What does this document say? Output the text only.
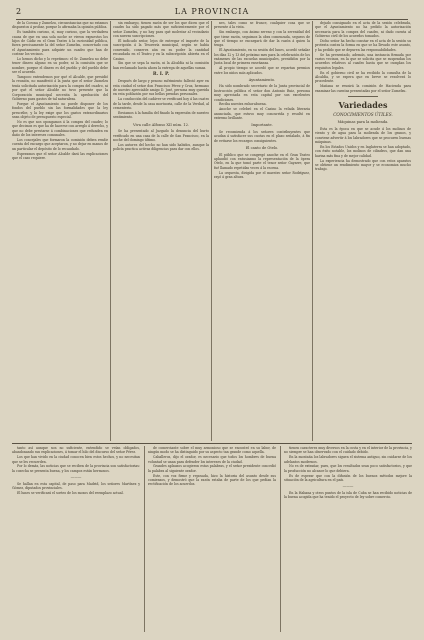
2	LA PROVINCIA

de la Corona y Zumelzu, circunstancias que no estamos dispuestos á probar, porque lo afirmaba la opinión pública.

Es también curioso, sí, muy curioso, que la verdadera causa de que en una sola noche se vieron expuestos los hijos de Cádiz en el Gran Teatro á la curiosidad pública, fuera precisamente la del señor Zumelzu, concertado con el Ayuntamiento para adquirir un cuadro que han de costear los vecinos.

Lo hemos dicho y lo repetimos: el Sr. Zumelzu no debe tener dinero alguno en su poder, ni la comisión que se nombre, porque el dinero es del pueblo y del pueblo debe ser el acuerdo.

Tampoco entendemos por qué el Alcalde, que presidió la reunión, no manifestó á la junta que el señor Zumelzu tenía solicitada autorización para la compra del cuadro, ni por qué el señor Alcalde no tuvo presente que la Corporación municipal necesita la aprobación del Gobierno para gastos de tal naturaleza.

Porque el Ayuntamiento no puede disponer de los fondos del pueblo sin las formalidades que la ley prescribe, y la ley exige que los gastos extraordinarios sean objeto de presupuesto especial.

No es que nos opongamos á la compra del cuadro; lo que decimos es que ha de hacerse con arreglo á derecho, y que no debe prestarse á combinaciones que redunden en daño de los intereses comunales.

Los concejales que formaron la comisión deben rendir cuenta del encargo que aceptaron, y no dejar en manos de un particular el depósito de lo recaudado.

Esperamos que el señor Alcalde dará las explicaciones que el caso requiere.

sin embargo, tienen razón de ser los que dicen que el cuadro ha sido pagado más que suficientemente por el señor Zumelzu, y no hay para qué molestar al vecindario con nuevas suscripciones.

El indicado señor, lejos de entregar el importe de la suscripción á la Tesorería municipal, según se había convenido, conserva aún en su poder la cantidad recaudada en el Teatro y en la subscripción abierta en el Casino.

Sin que se sepa la razón, ni la Alcaldía ni la comisión han reclamado hasta ahora la entrega de aquellas sumas.

R. I. P.

Después de largo y penoso sufrimiento falleció ayer en esta ciudad el señor don Francisco Pérez y Cruz, hermano de nuestro apreciable amigo D. José, persona muy querida en esta población por sus bellas prendas personales.

La conducción del cadáver se verificará hoy á las cuatro de la tarde, desde la casa mortuoria, calle de la Verdad, al cementerio.

Enviamos á la familia del finado la expresión de nuestro sentimiento.

Viva calle Alfonso XII núm. 12.

Se ha presentado al Juzgado la denuncia del hurto verificado en una casa de la calle de San Francisco, en la noche del domingo último.

Los autores del hecho no han sido habidos, aunque la policía practica activas diligencias para dar con ellos.

nes, tales como se frunce, cualquier cosa que se presente á la vista.

Sin embargo, con ánimo sereno y con la serenidad del que tiene razón, seguimos la obra comenzada, seguros de que el tiempo se encargará de dar la razón á quien la tenga.

El Ayuntamiento, en su sesión del lunes, acordó señalar los días 12 y 13 del próximo mes para la celebración de los exámenes de las escuelas municipales, presididos por la Junta local de primera enseñanza.

Al propio tiempo se acordó que se repartan premios entre los niños más aplicados.

Ayuntamiento.

Ha sido nombrado secretario de la Junta provincial de Instrucción pública el señor don Antonio Ruiz, persona muy apreciada en esta capital por sus excelentes condiciones.

Reciba nuestra enhorabuena.

Anoche se celebró en el Casino la velada literaria anunciada, que estuvo muy concurrida y resultó en extremo brillante.

Importante.

Se recomienda á los señores contribuyentes que acudan á satisfacer sus cuotas en el plazo señalado, á fin de evitarse los recargos consiguientes.

El canto de Otelo.

El público que se congregó anoche en el Gran Teatro aplaudió con entusiasmo la representación de la ópera Otelo, en la que tomó parte el tenor señor Gayarre, que fué llamado repetidas veces á la escena.

La orquesta, dirigida por el maestro señor Rodríguez, rayó á gran altura.

dejado consignado en el acta de la sesión celebrada, que el Ayuntamiento no ha pedido la autorización necesaria para la compra del cuadro, ni dado cuenta al Gobierno civil de los acuerdos tomados.

Dicho señor ha hecho constar en el acta de la sesión su protesta contra la forma en que se ha llevado este asunto, y ha pedido que se depuren las responsabilidades.

Se ha presentado, además, una instancia firmada por varios vecinos, en la que se solicita que se suspendan los acuerdos relativos al cuadro hasta que se cumplan los requisitos legales.

En el gobierno civil se ha recibido la consulta de la Alcaldía, y se espera que en breve se resolverá lo procedente.

Mañana se reunirá la comisión de Hacienda para examinar las cuentas presentadas por el señor Zumelzu.

Variedades

CONOCIMIENTOS ÚTILES.

Máquinas para la molienda.

Esta es la época en que se acude á los molinos de viento y de agua para la molienda de los granos, y conviene advertir á los labradores que se procuren buenas máquinas.

En los Estados Unidos y en Inglaterra se han adoptado, con éxito notable, los molinos de cilindros, que dan una harina más fina y de mejor calidad.

La experiencia ha demostrado que con estos aparatos se obtiene un rendimiento mayor y se economiza mucho trabajo.

tanto así aunque son no suficiente, entendido se veían obligados, abandonando sus explicaciones, á tomar el hilo del discurso del señor Pérez.

Los que han vivido en la ciudad conocen bien estos hechos, y no necesitan que se les recuerden.

Por lo demás, las noticias que se reciben de la provincia son satisfactorias: la cosecha se presenta buena, y los campos están hermosos.

———

Se hallan en esta capital, de paso para Madrid, los señores Martínez y Gómez, diputados provinciales.

El lunes se verificará el sorteo de los mozos del reemplazo actual.

de comerciante sobre el muy armonioso que se encontró en su labor, de ningún modo se ha distinguido por su aspecto tan grande como aquella.

Caballeros, dijo el orador, es necesario que todos los hombres de buena voluntad se unan para defender los intereses de la ciudad.

Grandes aplausos acogieron estas palabras, y el señor presidente concedió la palabra al siguiente orador.

Este, con voz firme y reposada, hizo la historia del asunto desde sus comienzos, y demostró que la razón estaba de parte de los que pedían la rectificación de los acuerdos.

tienen caracteres muy diversos en la costa y en el interior de la provincia, y no siempre se han observado con el cuidado debido.

En la montaña los labradores siguen el sistema antiguo, sin cuidarse de los adelantos modernos.

No es de extrañar, pues, que los resultados sean poco satisfactorios, y que la producción no alcance lo que debiera.

Es de esperar que con la difusión de los buenos métodos mejore la situación de la agricultura en el país.

———

En la Habana y otros puntos de la isla de Cuba se han recibido noticias de la buena acogida que ha tenido el proyecto de ley sobre comercio.
